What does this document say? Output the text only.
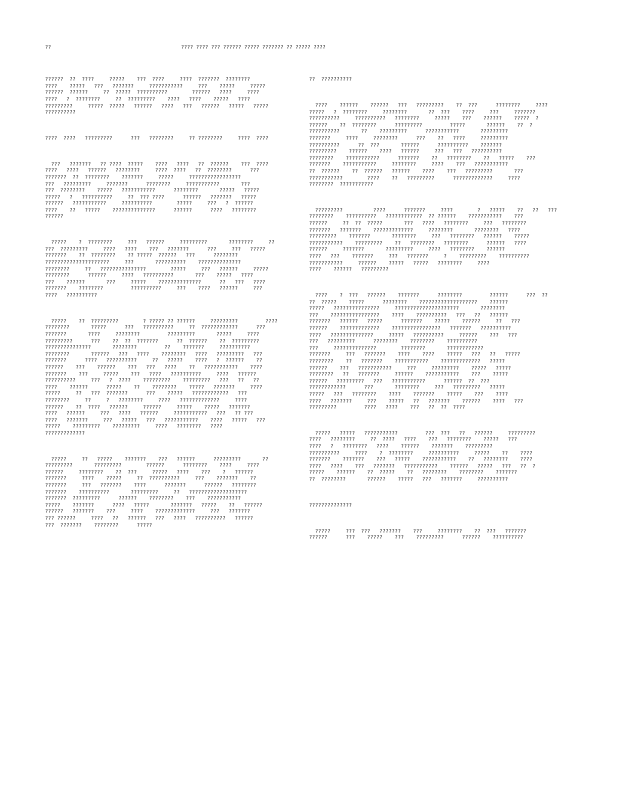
??	???? ???? ??? ?????? ????? ??????? ?? ????? ????

??????  ??  ????     ?????    ???  ????     ????  ???????  ????????
????    ?????   ???   ???????     ???????????     ???    ?????     ?????
??????  ??????     ??  ?????  ??????????        ??????   ????     ????
????   ?  ????????     ??  ?????????    ????   ????    ?????   ????
?????????     ?????  ?????   ??????   ????   ???   ??????   ?????   ?????
??????????

????  ????   ?????????      ???   ????????     ?? ????????     ????  ????

???   ???????   ?? ????  ?????    ????   ????   ??  ??????    ???  ????
????   ????   ??????   ????????     ????  ????   ??  ????????      ???
???????  ??  ????????    ???????     ?????     ?????????????????
???   ?????????     ???????      ????????     ???????????       ???
???  ????????    ?????   ???????????      ????????       ?????   ?????
?????   ?   ??????????     ??  ??? ????      ??????   ???????   ?????
??????   ???????????     ??????????        ?????     ???   ?  ??????
????    ??   ?????    ??????????????      ??????      ????   ????????
??????

?????    ?  ????????     ???   ??????     ?????????       ????????     ??
???  ?????????     ????   ????    ???   ???????      ???     ???   ?????
???????    ??  ????????    ?? ?????  ??????   ???      ????????
?????????????????????     ???       ??????????    ??????????????
????????     ??   ???????????????        ?????     ???   ??????     ?????
????????      ??????     ????   ??????????       ???    ?????   ????
???    ??????       ???     ?????    ??????????????      ??   ???   ????
???????    ????????         ??????????     ???    ????   ??????     ???
????   ??????????

?????    ??  ?????????        ? ????? ?? ??????     ?????????         ????
????????       ?????      ???   ??????????     ??  ????????????      ???
???????       ????     ????????         ?????????       ?????     ????
?????????      ???    ??  ??  ???????      ??  ??????    ??  ?????????
???????????????       ????????         ??    ???????     ??????????
????????       ??????   ???   ????    ????????   ????   ?????????   ???
???????      ????   ??????????     ??   ?????    ????   ?  ??????    ??
??????    ???    ??????    ???   ???   ????    ??   ???????????    ????
???????    ???     ?????    ???   ????   ??????????     ????   ??????
??????????     ???   ?  ????    ?????????    ?????????   ???   ??   ??
????    ??????      ?????    ??    ????????    ?????   ???????     ????
?????     ??   ???  ???????      ???    ?????   ????????????   ???
????????     ??     ?   ????????     ????   ?????????????     ????
??????    ??  ????   ??????     ??????     ?????    ?????   ???????
????   ??????     ???   ????   ??????     ???????????   ???   ?? ???
????   ???????     ???   ?????   ???   ???????????    ????   ?????   ???
?????    ?????????    ?????????     ????   ????????   ????
?????????????

?????     ??   ?????    ???????    ???   ??????      ?????????       ??
?????????       ?????????        ??????      ????????    ????     ????
??????     ????????    ??  ???     ?????   ????    ???    ?   ??????
???????     ????    ?????     ??  ??????????     ???    ???????    ??
???????     ???   ???????    ????      ???????      ??????   ????????
???????    ??????????       ?????????     ??   ???????????????????
???????  ?????????      ??????    ????????    ???    ???????????
?????    ???????      ????   ?????       ???????   ?????    ??   ??????
??????   ???????    ???     ????    ?????????????     ???   ???????
??? ??????     ????   ??   ??????   ???   ????   ??????????   ??????
???  ???????    ????????      ?????

??  ??????????

????    ??????    ??????   ???   ?????????    ??  ???      ????????     ????
?????   ?  ????????     ????????       ??  ???    ????     ???     ???????
??????????     ??????????   ????????     ?????    ???    ??????    ?????  ?
??????    ??  ????????      ?????????         ?????       ??????    ??  ?
??????????       ??    ?????????      ???????????       ?????????
???????     ????     ????????      ???    ??   ????     ?????????
??????????      ??  ???       ??????      ??????????    ???????
?????????    ??????    ????   ??????     ???   ???   ??????????
????????    ???????????      ???????    ??   ????????    ??   ?????    ???
???????    ???????????     ????????     ????    ???   ???????????
??  ??????    ??  ??????   ??????    ????    ???   ?????????       ???
???????????        ????    ??   ?????????      ?????????????     ????
????????  ???????????

?????????          ????      ???????     ????        ?   ?????    ??   ??   ???
????????    ??????????   ????????????  ?? ??????    ???????????    ???
??????     ??  ??  ?????       ???   ????   ????????     ???   ????????
???????   ???????    ?????????????     ????????       ????????   ????
?????????    ???????       ????????     ???   ????????   ??????    ?????
???????????    ?????????    ??   ????????   ????????      ??????   ????
??????     ???????       ?????????     ????   ????????    ??????
????   ???    ???????     ???   ???????     ?    ?????????    ??????????
???????????     ??????    ?????   ?????   ????????     ????
????    ??????   ?????????

????    ?  ???   ??????    ???????      ????????         ??????      ???  ??
??  ?????    ?????      ????????    ???????????????????    ??????
?????   ???????????????     ?????????????????????       ????????
???    ????????????????    ????    ??????????   ???   ??   ??????
???????   ??????   ?????      ???????    ?????    ??????     ??   ???
??????    ?????????????    ????????????????   ???????   ??????????
????   ??????????????     ?????   ??????????     ??????    ???   ???
???   ?????????      ????????    ????????    ??????????
???     ??????????????        ????????       ????????????
???????     ???   ???????    ????    ????    ?????   ???   ??   ?????
????????    ??   ???????    ???????????    ?????????????   ?????
??????    ???   ???????????     ???     ?????????    ?????   ?????
????????   ??   ???????     ??????    ???????????    ???    ?????
??????   ?????????   ???   ???????????      ??????  ??  ???
????????????      ???       ????????     ???   ?????????   ?????
?????   ???   ????????    ????    ???????    ?????    ???    ????
????   ???????     ???    ?????   ??   ???????    ??????    ????   ???
?????????         ????   ????    ???   ??  ??  ????

?????   ?????   ???????????         ???  ???   ??   ??????     ?????????
????   ????????     ??  ????   ????    ???   ????????    ?????   ???
????   ?   ????????   ????    ??????    ???????    ?????????
??????????     ????    ?  ????????     ??????????     ?????    ??    ????
???????    ???????    ???   ?????    ???????????    ??   ????????    ????
????   ????    ???   ???????   ???????????    ??????   ?????   ???   ??  ?
?????    ??????    ??  ?????    ??   ????????    ????????    ???????
??  ????????       ??????    ?????   ???   ???????     ??????????

??????????????

?????     ???  ???   ???????    ???     ????????    ??  ???   ???????
??????      ???    ?????    ???    ?????????      ??????    ??????????
